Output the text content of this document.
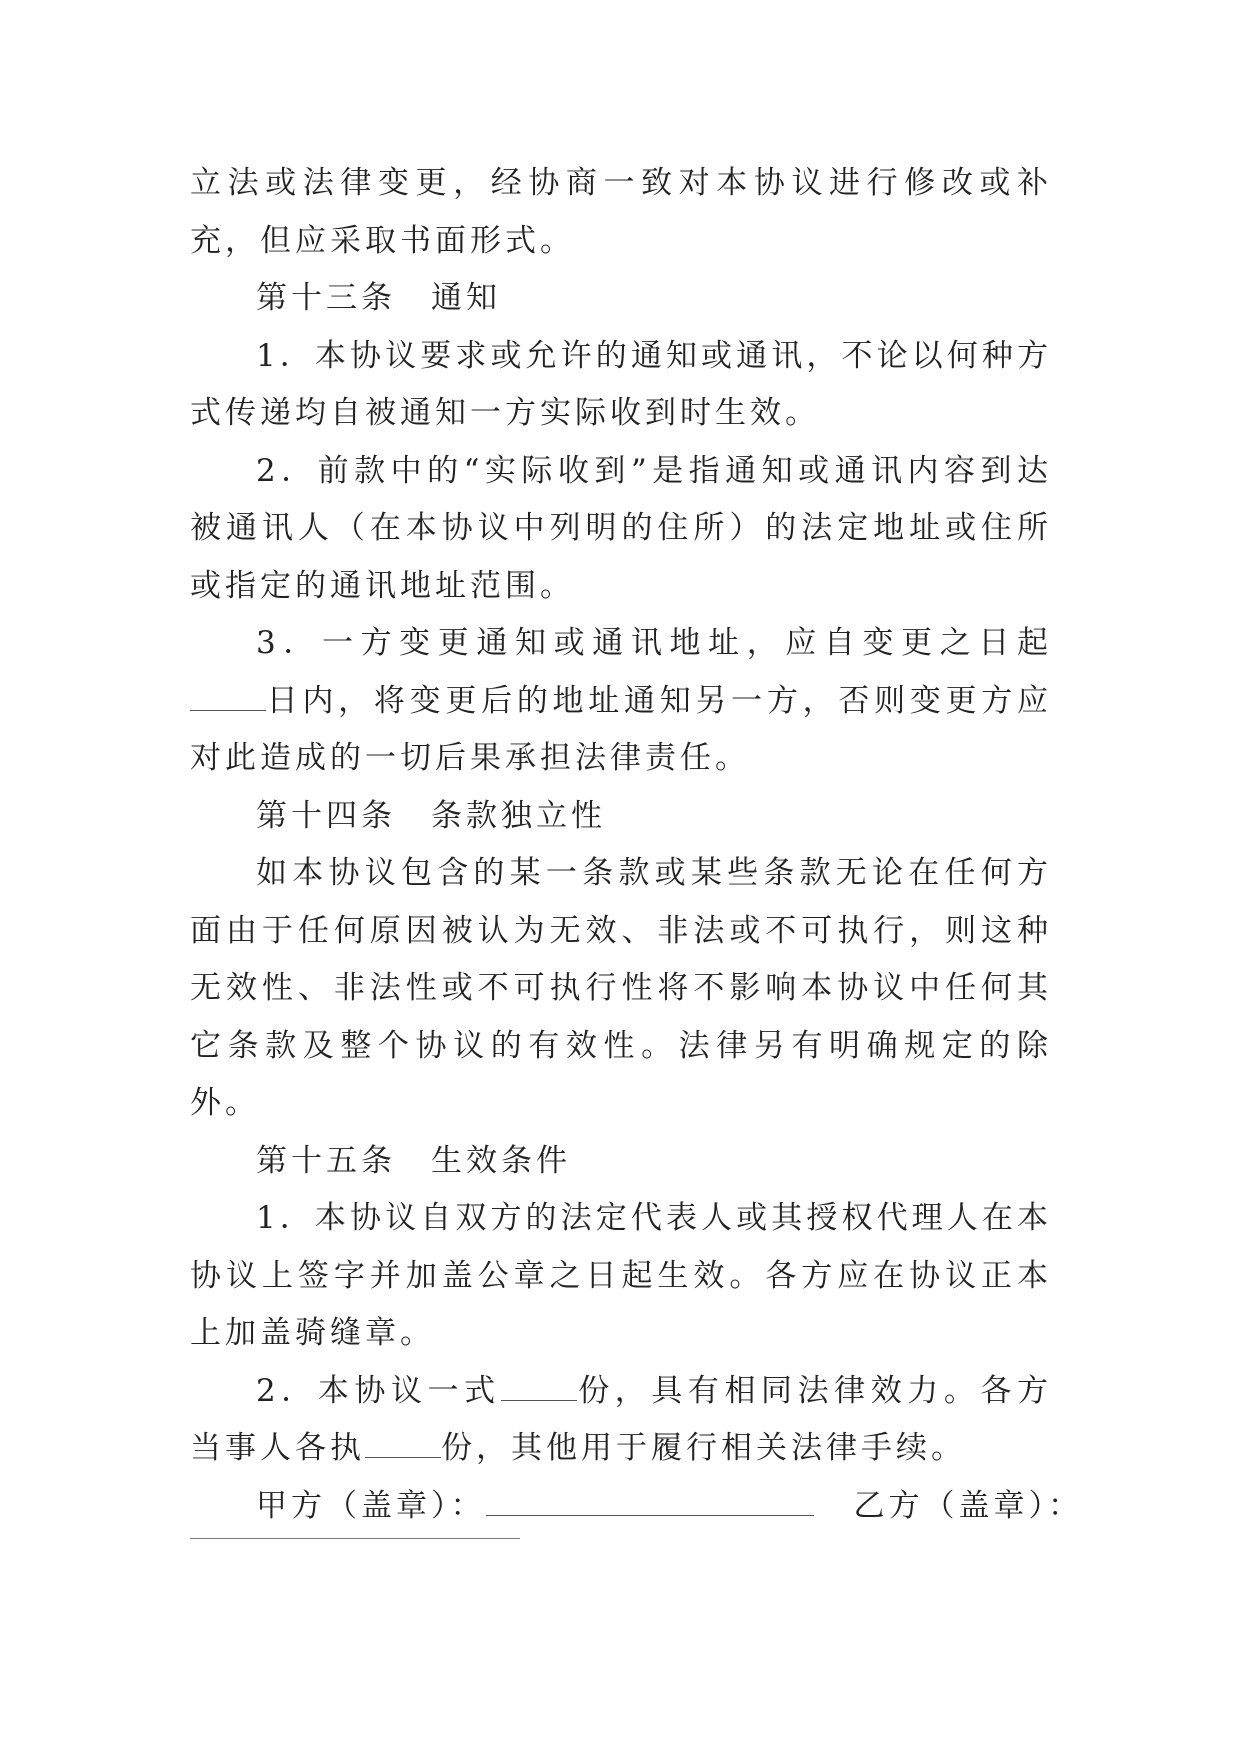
立法或法律变更，经协商一致对本协议进行修改或补充，但应采取书面形式。

第十三条　通知

1．本协议要求或允许的通知或通讯，不论以何种方式传递均自被通知一方实际收到时生效。

2．前款中的“实际收到”是指通知或通讯内容到达被通讯人（在本协议中列明的住所）的法定地址或住所或指定的通讯地址范围。

3．一方变更通知或通讯地址，应自变更之日起日内，将变更后的地址通知另一方，否则变更方应对此造成的一切后果承担法律责任。

第十四条　条款独立性

如本协议包含的某一条款或某些条款无论在任何方面由于任何原因被认为无效、非法或不可执行，则这种无效性、非法性或不可执行性将不影响本协议中任何其它条款及整个协议的有效性。法律另有明确规定的除外。

第十五条　生效条件

1．本协议自双方的法定代表人或其授权代理人在本协议上签字并加盖公章之日起生效。各方应在协议正本上加盖骑缝章。

2．本协议一式 份，具有相同法律效力。各方当事人各执 份，其他用于履行相关法律手续。

甲方（盖章）：	乙方（盖章）：
